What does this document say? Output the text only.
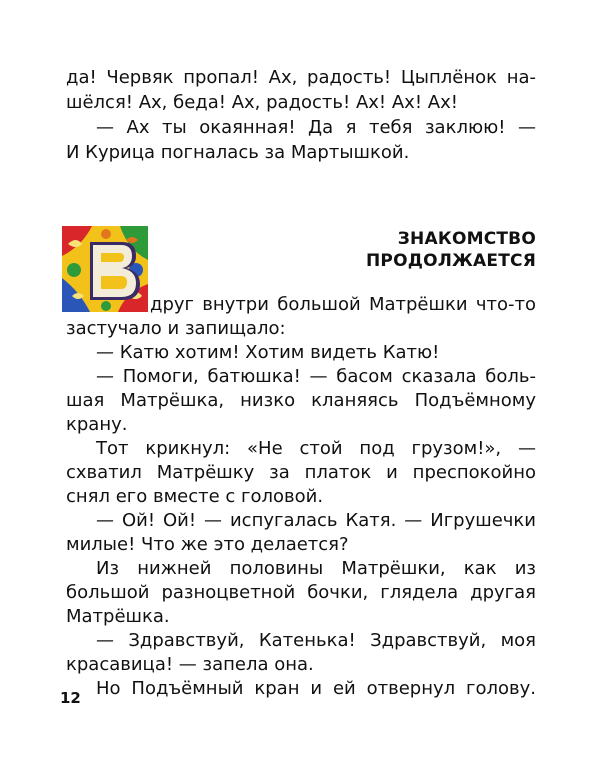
да! Червяк пропал! Ах, радость! Цыплёнок на-
шёлся! Ах, беда! Ах, радость! Ах! Ах! Ах!
— Ах ты окаянная! Да я тебя заклюю! —
И Курица погналась за Мартышкой.
ЗНАКОМСТВО
ПРОДОЛЖАЕТСЯ
друг внутри большой Матрёшки что-то
застучало и запищало:
— Катю хотим! Хотим видеть Катю!
— Помоги, батюшка! — басом сказала боль-
шая Матрёшка, низко кланяясь Подъёмному
крану.
Тот крикнул: «Не стой под грузом!», —
схватил Матрёшку за платок и преспокойно
снял его вместе с головой.
— Ой! Ой! — испугалась Катя. — Игрушечки
милые! Что же это делается?
Из нижней половины Матрёшки, как из
большой разноцветной бочки, глядела другая
Матрёшка.
— Здравствуй, Катенька! Здравствуй, моя
красавица! — запела она.
Но Подъёмный кран и ей отвернул голову.
12
